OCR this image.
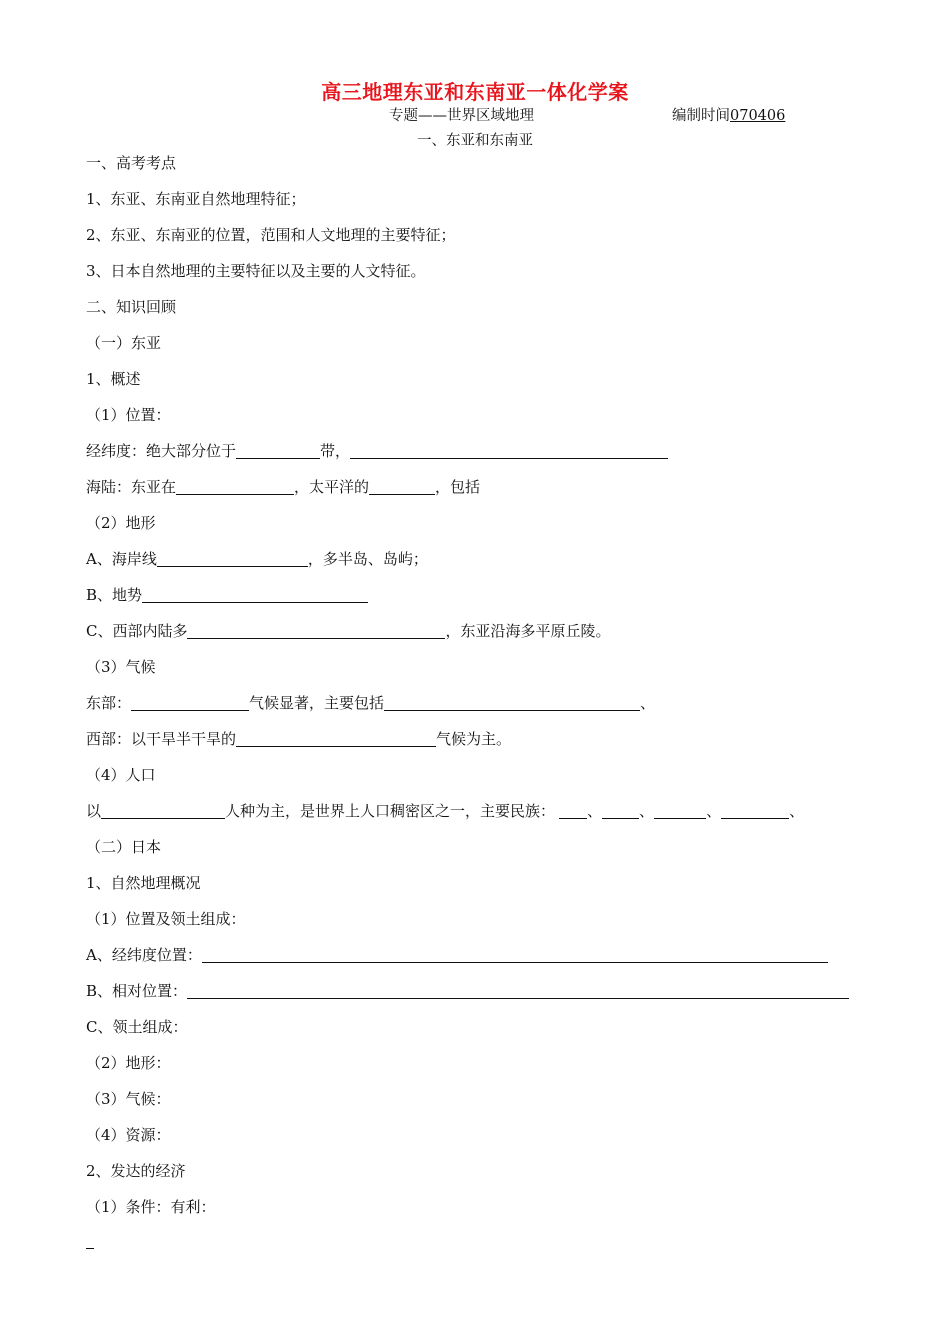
高三地理东亚和东南亚一体化学案
专题——世界区域地理	编制时间070406
一、东亚和东南亚
一、高考考点
1、东亚、东南亚自然地理特征；
2、东亚、东南亚的位置，范围和人文地理的主要特征；
3、日本自然地理的主要特征以及主要的人文特征。
二、知识回顾
（一）东亚
1、概述
（1）位置：
经纬度：绝大部分位于	带，
海陆：东亚在	，太平洋的	，包括
（2）地形
A、海岸线	，多半岛、岛屿；
B、地势
C、西部内陆多	，东亚沿海多平原丘陵。
（3）气候
东部：	气候显著，主要包括	、
西部：以干旱半干旱的	气候为主。
（4）人口
以	人种为主，是世界上人口稠密区之一，主要民族： 、 、	、	、
（二）日本
1、自然地理概况
（1）位置及领土组成：
A、经纬度位置：
B、相对位置：
C、领土组成：
（2）地形：
（3）气候：
（4）资源：
2、发达的经济
（1）条件：有利：
